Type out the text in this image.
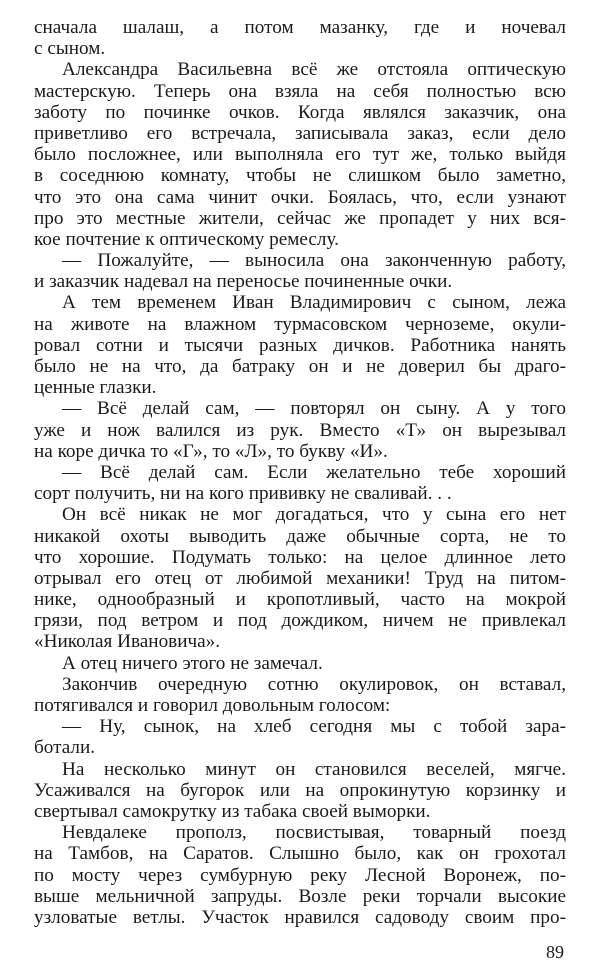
сначала шалаш, а потом мазанку, где и ночевал
с сыном.
Александра Васильевна всё же отстояла оптическую
мастерскую. Теперь она взяла на себя полностью всю
заботу по починке очков. Когда являлся заказчик, она
приветливо его встречала, записывала заказ, если дело
было посложнее, или выполняла его тут же, только выйдя
в соседнюю комнату, чтобы не слишком было заметно,
что это она сама чинит очки. Боялась, что, если узнают
про это местные жители, сейчас же пропадет у них вся-
кое почтение к оптическому ремеслу.
— Пожалуйте, — выносила она законченную работу,
и заказчик надевал на переносье починенные очки.
А тем временем Иван Владимирович с сыном, лежа
на животе на влажном турмасовском черноземе, окули-
ровал сотни и тысячи разных дичков. Работника нанять
было не на что, да батраку он и не доверил бы драго-
ценные глазки.
— Всё делай сам, — повторял он сыну. А у того
уже и нож валился из рук. Вместо «Т» он вырезывал
на коре дичка то «Г», то «Л», то букву «И».
— Всё делай сам. Если желательно тебе хороший
сорт получить, ни на кого прививку не сваливай. . .
Он всё никак не мог догадаться, что у сына его нет
никакой охоты выводить даже обычные сорта, не то
что хорошие. Подумать только: на целое длинное лето
отрывал его отец от любимой механики! Труд на питом-
нике, однообразный и кропотливый, часто на мокрой
грязи, под ветром и под дождиком, ничем не привлекал
«Николая Ивановича».
А отец ничего этого не замечал.
Закончив очередную сотню окулировок, он вставал,
потягивался и говорил довольным голосом:
— Ну, сынок, на хлеб сегодня мы с тобой зара-
ботали.
На несколько минут он становился веселей, мягче.
Усаживался на бугорок или на опрокинутую корзинку и
свертывал самокрутку из табака своей выморки.
Невдалеке прополз, посвистывая, товарный поезд
на Тамбов, на Саратов. Слышно было, как он грохотал
по мосту через сумбурную реку Лесной Воронеж, по-
выше мельничной запруды. Возле реки торчали высокие
узловатые ветлы. Участок нравился садоводу своим про-
89
